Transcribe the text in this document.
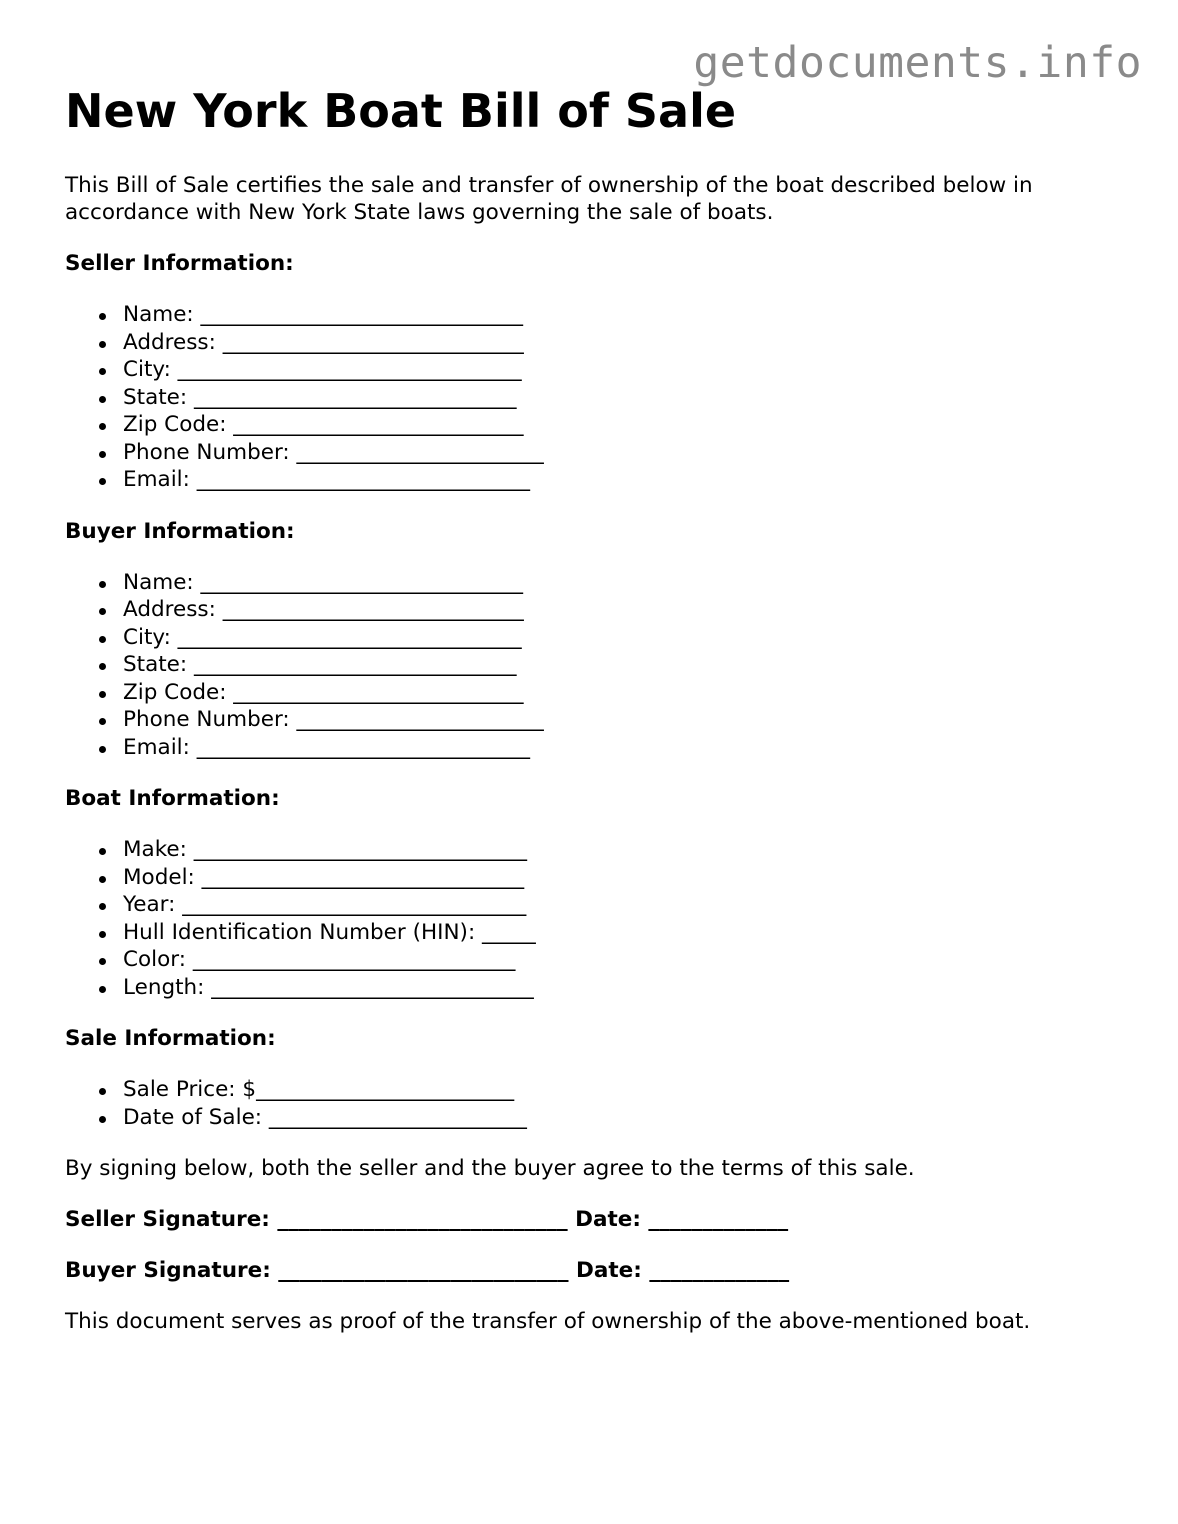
getdocuments.info
New York Boat Bill of Sale

This Bill of Sale certifies the sale and transfer of ownership of the boat described below in accordance with New York State laws governing the sale of boats.

Seller Information:
Name: ______________________________
Address: ____________________________
City: ________________________________
State: ______________________________
Zip Code: ___________________________
Phone Number: _______________________
Email: _______________________________
Buyer Information:
Name: ______________________________
Address: ____________________________
City: ________________________________
State: ______________________________
Zip Code: ___________________________
Phone Number: _______________________
Email: _______________________________
Boat Information:
Make: _______________________________
Model: ______________________________
Year: ________________________________
Hull Identification Number (HIN): _____
Color: ______________________________
Length: ______________________________
Sale Information:
Sale Price: $________________________
Date of Sale: ________________________

By signing below, both the seller and the buyer agree to the terms of this sale.

Seller Signature: ___________________________ Date: _____________
Buyer Signature: ___________________________ Date: _____________

This document serves as proof of the transfer of ownership of the above-mentioned boat.
